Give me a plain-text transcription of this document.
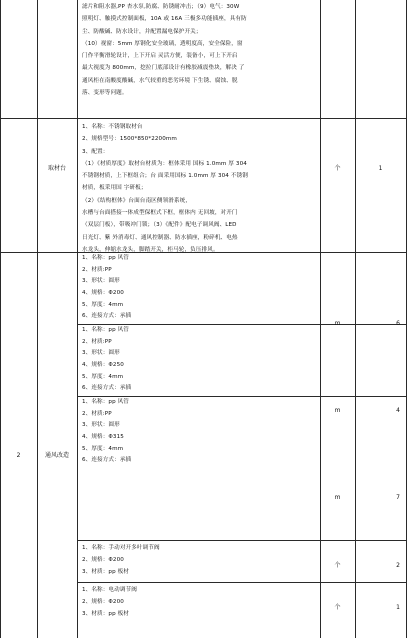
滤片和阻水器,PP 杏水泵,防腐、防锈耐冲击；（9）电气：30W
照明灯、触摸式控制面板，10A 或 16A 三极多功能插座，具有防
尘、防酸碱、防水设计，并配置漏电保护开关；
（10）视窗：5mm 厚钢化安全玻璃，透明度高，安全保险，窗
门作平衡滑轮设计，上下开启 灵活方便，装备小，可上下开启
最大视度为 800mm，挖拉门底部设计有橡胶减震垫块，解决 了
通风柜在南酸度酸碱，水气较重的恶劣环境 下生锈、腐蚀、脱
落、变形等问题。
取材台
1、名称：不锈钢取材台
2、规格型号：1500*850*2200mm
3、配置：
（1）《材质厚度》取材台材质为：框体采用 国标 1.0mm 厚 304
不锈钢材质，上下框组合；台 面采用国标 1.0mm 厚 304 不锈钢
材质，板采用国 字研板；
（2）《结构框体》台面台南区侧领滑系统，
水槽与台面搭接一体成型保框式下框，框体内 无回坡，对开门
（双层门板），带吸冲门锁；（3）《配件》配电子调风阀、LED
日光灯、紫 外消毒灯、通风控制器、防水插座，粉碎机、电热
水龙头，伸缩水龙头，脚踏开关，柜马轮，负压排风。
个	1
2	通风改造
1、名称：pp 风管
2、材质:PP
3、形状：圆形
4、规格：Φ200
5、厚度：4mm
6、连接方式：承插
m	6
1、名称：pp 风管
2、材质:PP
3、形状：圆形
4、规格：Φ250
5、厚度：4mm
6、连接方式：承插
m	4
1、名称：pp 风管
2、材质:PP
3、形状：圆形
4、规格：Φ315
5、厚度：4mm
6、连接方式：承插
m	7
1、名称：手动对开多叶调节阀
2、规格：Φ200
3、材质：pp 板材
个	2
1、名称：电动调节阀
2、规格：Φ200
3、材质：pp 板材
个	1
